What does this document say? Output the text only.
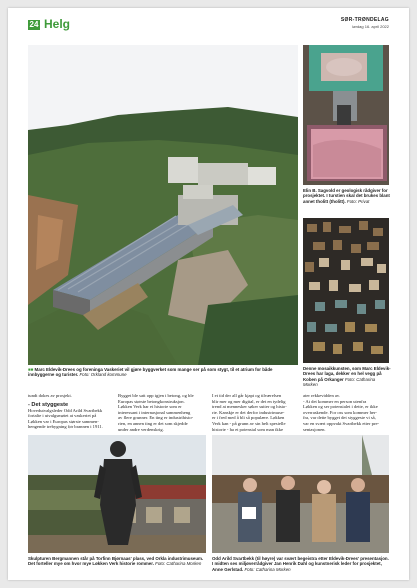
24 Helg	SØR-TRØNDELAG
lørdag 16. april 2022
■■ Marc Eldevik-Drees og foreninga Vaskeriet vil gjøre byggverket som mange ser på som stygt, til et atrium for både innbyggerne og turister. Foto: Orkland kommune
Elin B. Sagvold er geologisk rådgiver for prosjektet. I turstien skal det brukes blant annet tholitt (tholitt). Foto: Privat
Denne mosaikkunsten, som Marc Eldevik-Drees har laga, dekker en hel vegg på Koben på Orkanger Foto: Catharina Morken
tundt dokes av prosjekt.
- Det styggeste
Hovedutvalgsleder Odd Arild Svartbekk
fortalte i utvalgsmøtet at vaskeriet på
Løkken var i Europas største sammen-
hengende trebygning før brannen i 1911.
Bygget ble satt opp igjen i betong, og ble
Europas største betongkonstruksjon.
Løkken Verk har ei historie som er
interessant i internasjonal sammenheng
av flere grunner. En ting er industrihisto-
rien, en annen ting er det som skjedde
under andre verdenskrig.
I et tid der all går kjapt og tilværelsen
blir mer og mer digital, er det en tydelig
trend at mennesker søker sutter og histo-
rie. Kanskje er det derfor industrimuse-
er i fred med å bli så populære. Løkken
Verk kan - på grunn av sin helt spesielle
historie - ha et potensial som man ikke
ater rekkevidden av.
- At det kommer en person utenfra
Løkken og ser potensialet i dette, er ikke
overraskende. For oss som kommer her-
fra, var dette bygget det styggeste vi så,
var en svært oppvakt Svartbekk etter pre-
sentasjonen.
Skulpturen Bergmannen står på Torfinn Bjørnaas' plass, ved Orkla industrimuseum. Det forteller mye om hvor mye Løkken Verk historie rommer. Foto: Catharina Morken
Odd Arild Svartbekk (til høyre) var svært begeistra etter Eldevik-Drees' presentasjon. I midten ses miljøverrådgiver Jan Henrik Dahl og kunstnerisk leder for prosjektet, Anne Gerlstad. Foto: Catharina Morken
